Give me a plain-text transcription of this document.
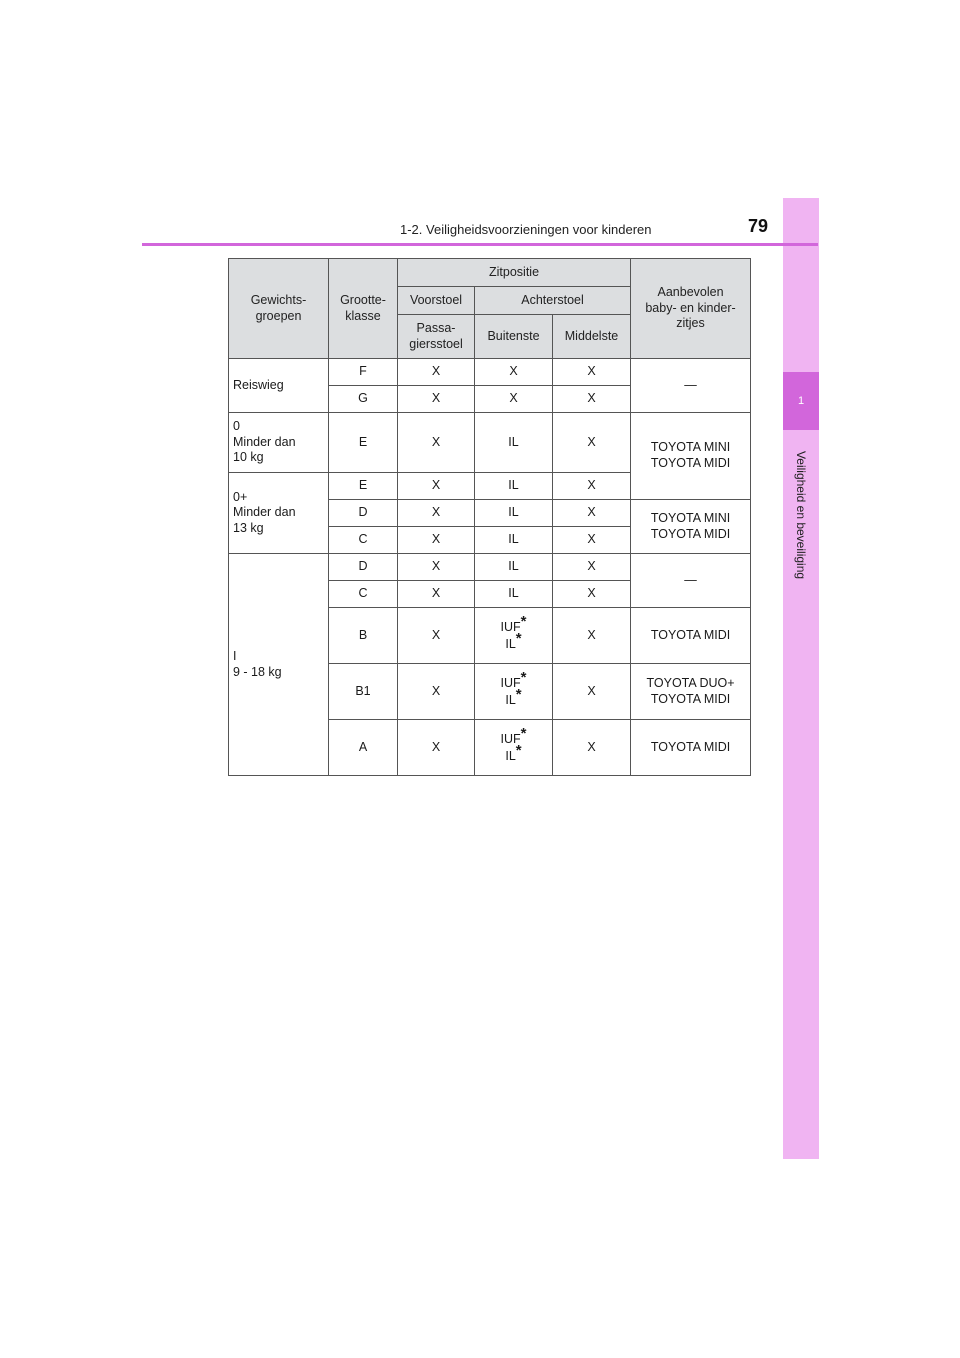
1
Veiligheid en beveiliging
1-2. Veiligheidsvoorzieningen voor kinderen	79
Gewichts-
groepen	Grootte-
klasse	Zitpositie			Aanbevolen
baby- en kinder-
zitjes

		Voorstoel	Achterstoel		

		Passa-
giersstoel	Buitenste	Middelste	

Reiswieg	F	X	X	X	—
	G	X	X	X	

0
Minder dan
10 kg	E	X	IL	X	TOYOTA MINI
TOYOTA MIDI

0+
Minder dan
13 kg	E	X	IL	X	
	D	X	IL	X	TOYOTA MINI
TOYOTA MIDI

	C	X	IL	X	

I
9 - 18 kg	D	X	IL	X	—
	C	X	IL	X	
	B	X	IUF*
IL*	X	TOYOTA MIDI
	B1	X	IUF*
IL*	X	TOYOTA DUO+
TOYOTA MIDI

	A	X	IUF*
IL*	X	TOYOTA MIDI
